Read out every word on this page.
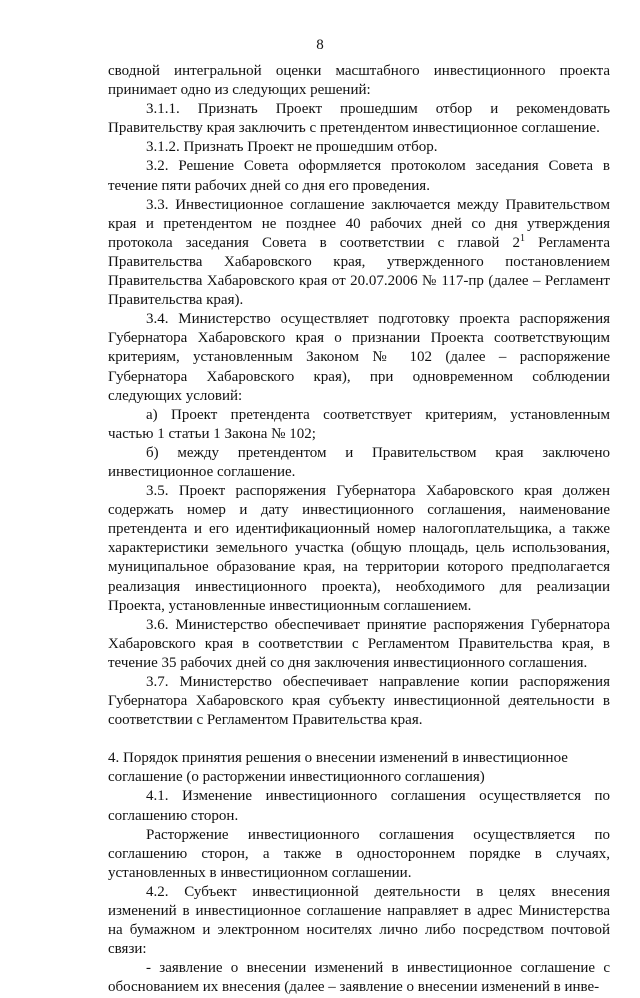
8

сводной интегральной оценки масштабного инвестиционного проекта принимает одно из следующих решений:

3.1.1. Признать Проект прошедшим отбор и рекомендовать Правительству края заключить с претендентом инвестиционное соглашение.

3.1.2. Признать Проект не прошедшим отбор.

3.2. Решение Совета оформляется протоколом заседания Совета в течение пяти рабочих дней со дня его проведения.

3.3. Инвестиционное соглашение заключается между Правительством края и претендентом не позднее 40 рабочих дней со дня утверждения протокола заседания Совета в соответствии с главой $2^1$ Регламента Правительства Хабаровского края, утвержденного постановлением Правительства Хабаровского края от 20.07.2006 № 117-пр (далее – Регламент Правительства края).

3.4. Министерство осуществляет подготовку проекта распоряжения Губернатора Хабаровского края о признании Проекта соответствующим критериям, установленным Законом № 102 (далее – распоряжение Губернатора Хабаровского края), при одновременном соблюдении следующих условий:

а) Проект претендента соответствует критериям, установленным частью 1 статьи 1 Закона № 102;

б) между претендентом и Правительством края заключено инвестиционное соглашение.

3.5. Проект распоряжения Губернатора Хабаровского края должен содержать номер и дату инвестиционного соглашения, наименование претендента и его идентификационный номер налогоплательщика, а также характеристики земельного участка (общую площадь, цель использования, муниципальное образование края, на территории которого предполагается реализация инвестиционного проекта), необходимого для реализации Проекта, установленные инвестиционным соглашением.

3.6. Министерство обеспечивает принятие распоряжения Губернатора Хабаровского края в соответствии с Регламентом Правительства края, в течение 35 рабочих дней со дня заключения инвестиционного соглашения.

3.7. Министерство обеспечивает направление копии распоряжения Губернатора Хабаровского края субъекту инвестиционной деятельности в соответствии с Регламентом Правительства края.

4. Порядок принятия решения о внесении изменений в инвестиционное соглашение (о расторжении инвестиционного соглашения)

4.1. Изменение инвестиционного соглашения осуществляется по соглашению сторон.

Расторжение инвестиционного соглашения осуществляется по соглашению сторон, а также в одностороннем порядке в случаях, установленных в инвестиционном соглашении.

4.2. Субъект инвестиционной деятельности в целях внесения изменений в инвестиционное соглашение направляет в адрес Министерства на бумажном и электронном носителях лично либо посредством почтовой связи:

- заявление о внесении изменений в инвестиционное соглашение с обоснованием их внесения (далее – заявление о внесении изменений в инве-
